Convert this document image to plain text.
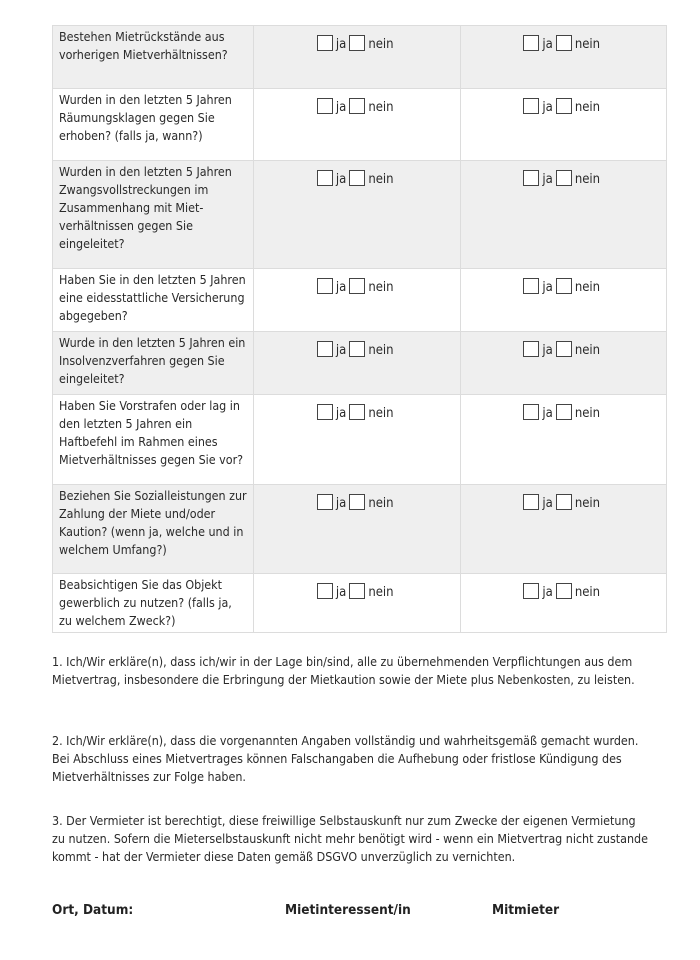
Bestehen Mietrückstände aus vorherigen Mietverhältnissen?	ja nein	ja nein
Wurden in den letzten 5 Jahren Räumungsklagen gegen Sie erhoben? (falls ja, wann?)	ja nein	ja nein
Wurden in den letzten 5 Jahren Zwangsvollstreckungen im Zusammenhang mit Miet-verhältnissen gegen Sie eingeleitet?	ja nein	ja nein
Haben Sie in den letzten 5 Jahren eine eidesstattliche Versicherung abgegeben?	ja nein	ja nein
Wurde in den letzten 5 Jahren ein Insolvenzverfahren gegen Sie eingeleitet?	ja nein	ja nein
Haben Sie Vorstrafen oder lag in den letzten 5 Jahren ein Haftbefehl im Rahmen eines Mietverhältnisses gegen Sie vor?	ja nein	ja nein
Beziehen Sie Sozialleistungen zur Zahlung der Miete und/oder Kaution? (wenn ja, welche und in welchem Umfang?)	ja nein	ja nein
Beabsichtigen Sie das Objekt gewerblich zu nutzen? (falls ja, zu welchem Zweck?)	ja nein	ja nein
1. Ich/Wir erkläre(n), dass ich/wir in der Lage bin/sind, alle zu übernehmenden Verpflichtungen aus dem Mietvertrag, insbesondere die Erbringung der Mietkaution sowie der Miete plus Nebenkosten, zu leisten.
2. Ich/Wir erkläre(n), dass die vorgenannten Angaben vollständig und wahrheitsgemäß gemacht wurden. Bei Abschluss eines Mietvertrages können Falschangaben die Aufhebung oder fristlose Kündigung des Mietverhältnisses zur Folge haben.
3. Der Vermieter ist berechtigt, diese freiwillige Selbstauskunft nur zum Zwecke der eigenen Vermietung zu nutzen. Sofern die Mieterselbstauskunft nicht mehr benötigt wird - wenn ein Mietvertrag nicht zustande kommt - hat der Vermieter diese Daten gemäß DSGVO unverzüglich zu vernichten.
Ort, Datum:	Mietinteressent/in	Mitmieter
